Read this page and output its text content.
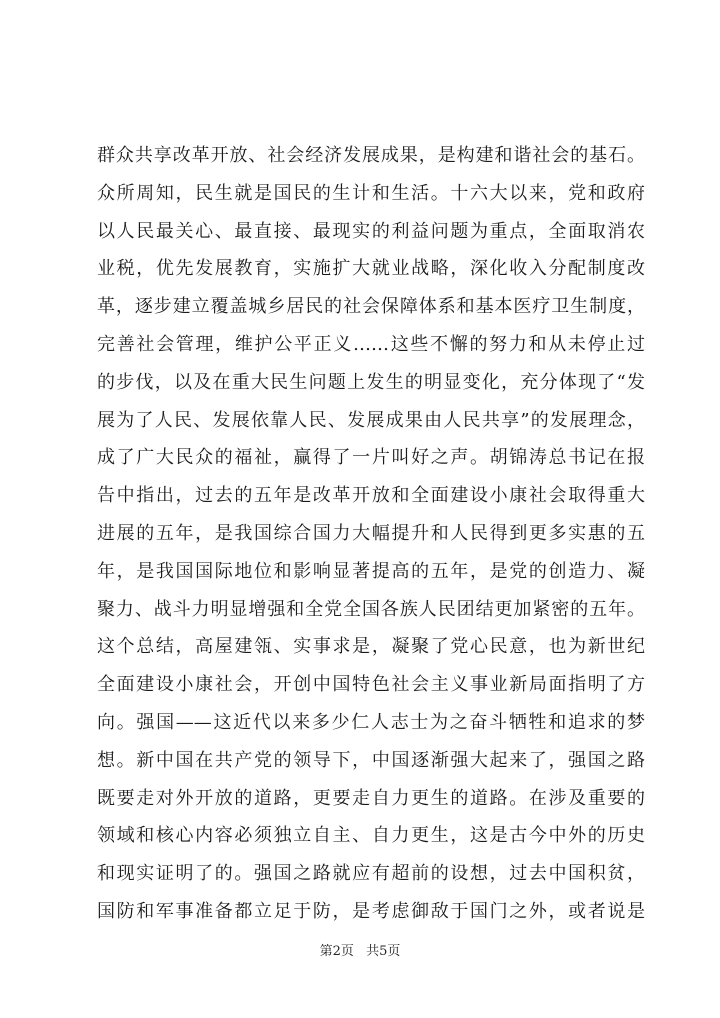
群众共享改革开放、社会经济发展成果，是构建和谐社会的基石。
众所周知，民生就是国民的生计和生活。十六大以来，党和政府
以人民最关心、最直接、最现实的利益问题为重点，全面取消农
业税，优先发展教育，实施扩大就业战略，深化收入分配制度改
革，逐步建立覆盖城乡居民的社会保障体系和基本医疗卫生制度，
完善社会管理，维护公平正义……这些不懈的努力和从未停止过
的步伐，以及在重大民生问题上发生的明显变化，充分体现了“发
展为了人民、发展依靠人民、发展成果由人民共享”的发展理念，
成了广大民众的福祉，赢得了一片叫好之声。胡锦涛总书记在报
告中指出，过去的五年是改革开放和全面建设小康社会取得重大
进展的五年，是我国综合国力大幅提升和人民得到更多实惠的五
年，是我国国际地位和影响显著提高的五年，是党的创造力、凝
聚力、战斗力明显增强和全党全国各族人民团结更加紧密的五年。
这个总结，高屋建瓴、实事求是，凝聚了党心民意，也为新世纪
全面建设小康社会，开创中国特色社会主义事业新局面指明了方
向。强国——这近代以来多少仁人志士为之奋斗牺牲和追求的梦
想。新中国在共产党的领导下，中国逐渐强大起来了，强国之路
既要走对外开放的道路，更要走自力更生的道路。在涉及重要的
领域和核心内容必须独立自主、自力更生，这是古今中外的历史
和现实证明了的。强国之路就应有超前的设想，过去中国积贫，
国防和军事准备都立足于防，是考虑御敌于国门之外，或者说是
第2页 共5页
